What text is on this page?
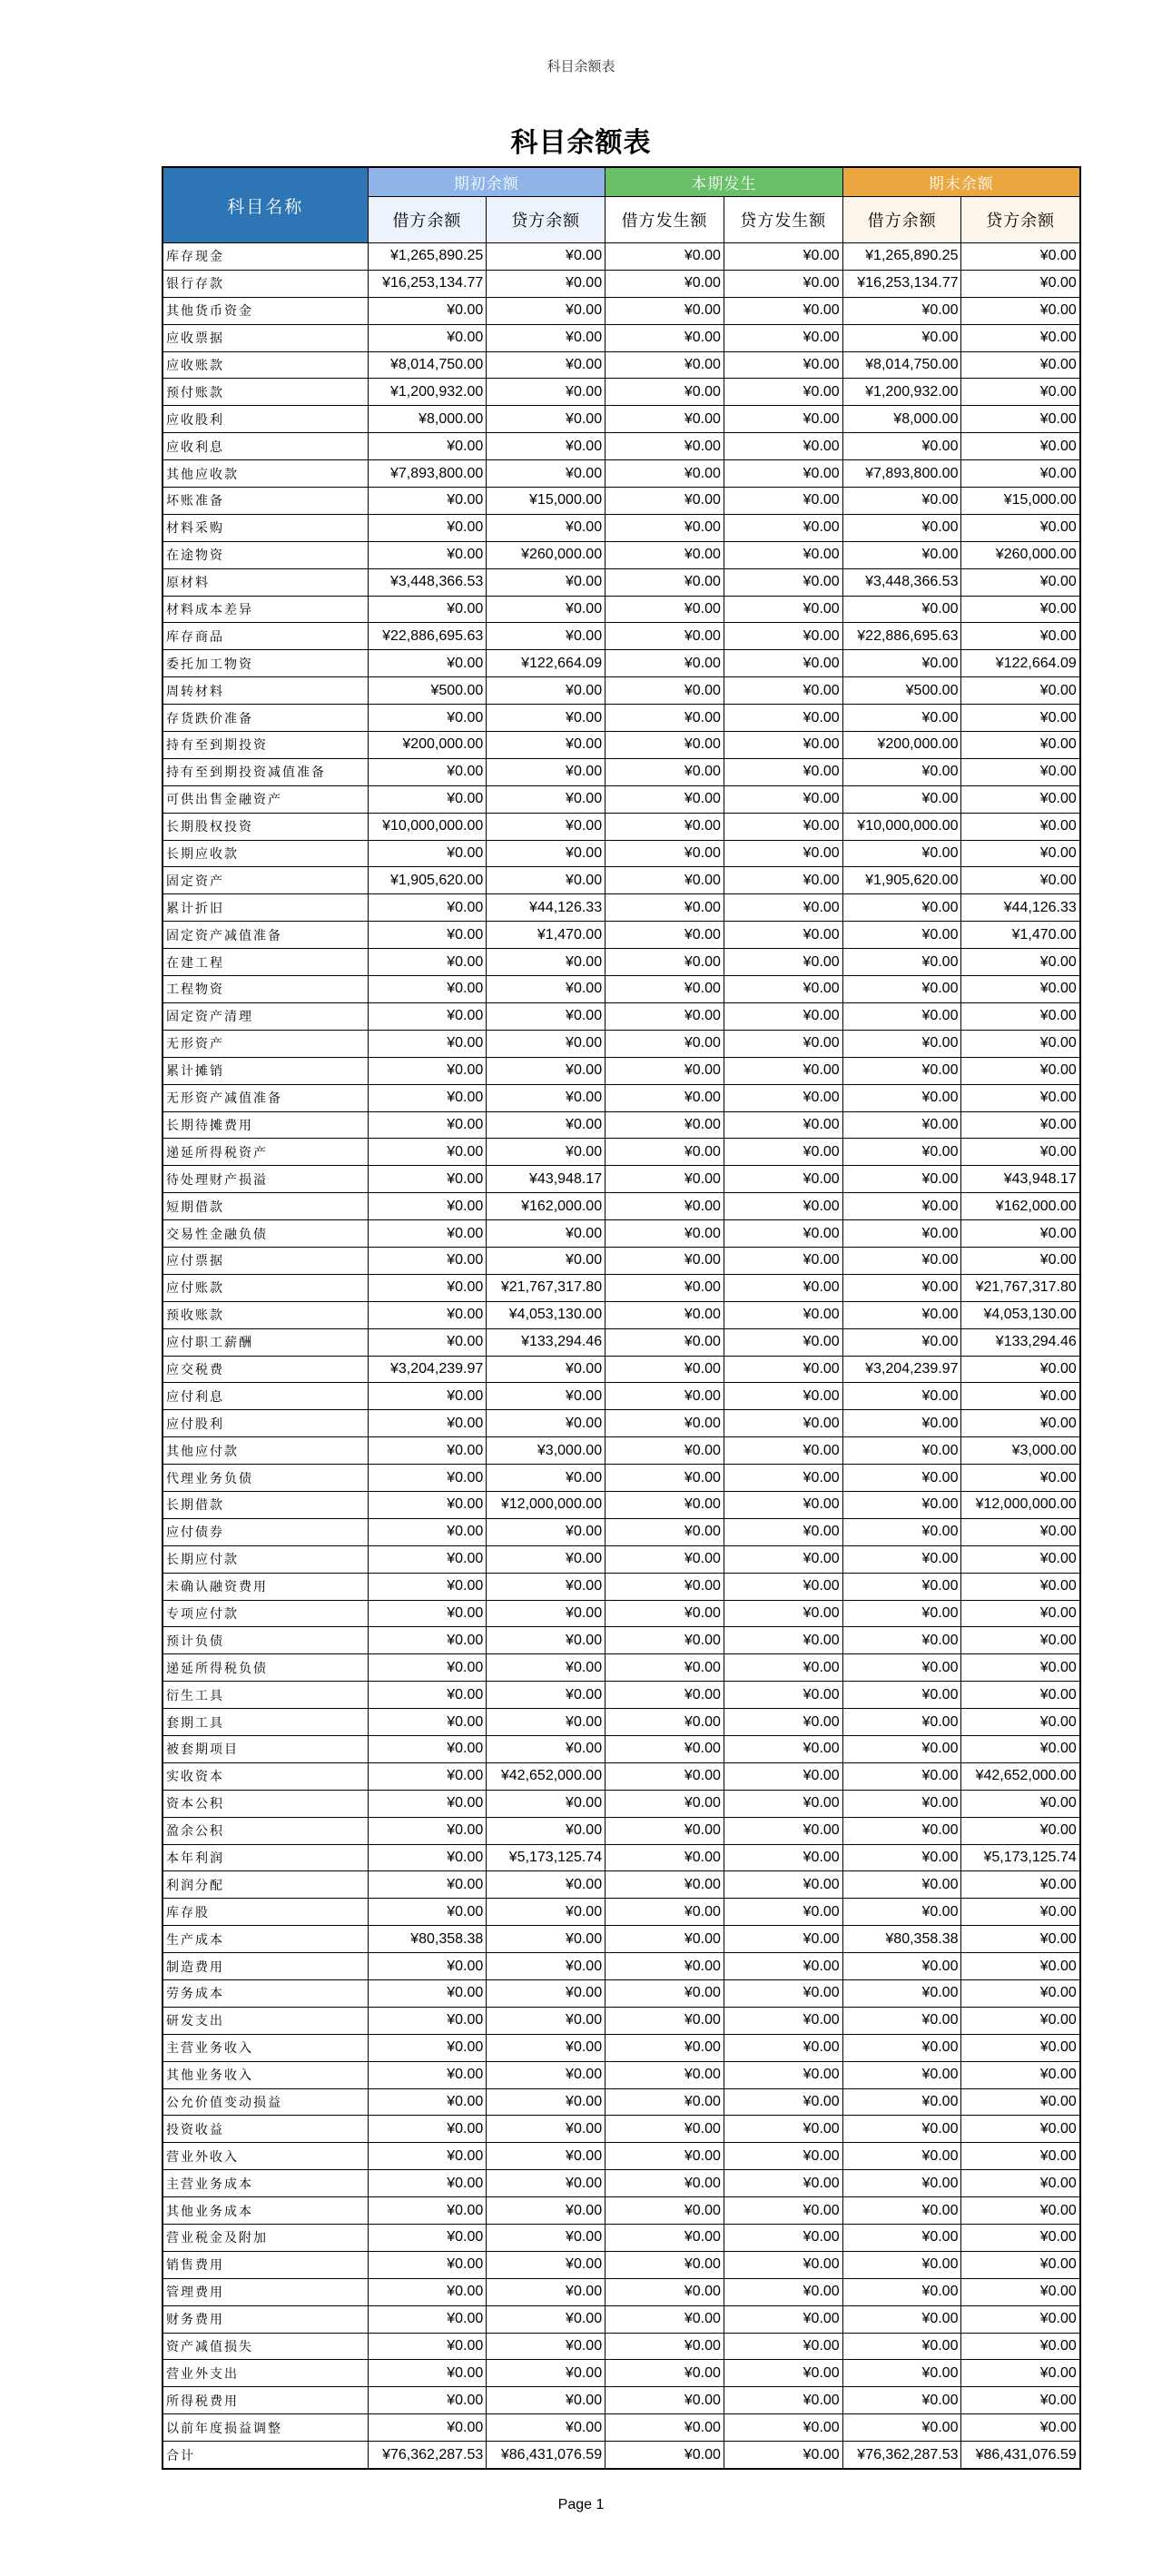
科目余额表
科目余额表
科目名称	期初余额		本期发生		期末余额	
	借方余额	贷方余额	借方发生额	贷方发生额	借方余额	贷方余额
库存现金	¥1,265,890.25	¥0.00	¥0.00	¥0.00	¥1,265,890.25	¥0.00
银行存款	¥16,253,134.77	¥0.00	¥0.00	¥0.00	¥16,253,134.77	¥0.00
其他货币资金	¥0.00	¥0.00	¥0.00	¥0.00	¥0.00	¥0.00
应收票据	¥0.00	¥0.00	¥0.00	¥0.00	¥0.00	¥0.00
应收账款	¥8,014,750.00	¥0.00	¥0.00	¥0.00	¥8,014,750.00	¥0.00
预付账款	¥1,200,932.00	¥0.00	¥0.00	¥0.00	¥1,200,932.00	¥0.00
应收股利	¥8,000.00	¥0.00	¥0.00	¥0.00	¥8,000.00	¥0.00
应收利息	¥0.00	¥0.00	¥0.00	¥0.00	¥0.00	¥0.00
其他应收款	¥7,893,800.00	¥0.00	¥0.00	¥0.00	¥7,893,800.00	¥0.00
坏账准备	¥0.00	¥15,000.00	¥0.00	¥0.00	¥0.00	¥15,000.00
材料采购	¥0.00	¥0.00	¥0.00	¥0.00	¥0.00	¥0.00
在途物资	¥0.00	¥260,000.00	¥0.00	¥0.00	¥0.00	¥260,000.00
原材料	¥3,448,366.53	¥0.00	¥0.00	¥0.00	¥3,448,366.53	¥0.00
材料成本差异	¥0.00	¥0.00	¥0.00	¥0.00	¥0.00	¥0.00
库存商品	¥22,886,695.63	¥0.00	¥0.00	¥0.00	¥22,886,695.63	¥0.00
委托加工物资	¥0.00	¥122,664.09	¥0.00	¥0.00	¥0.00	¥122,664.09
周转材料	¥500.00	¥0.00	¥0.00	¥0.00	¥500.00	¥0.00
存货跌价准备	¥0.00	¥0.00	¥0.00	¥0.00	¥0.00	¥0.00
持有至到期投资	¥200,000.00	¥0.00	¥0.00	¥0.00	¥200,000.00	¥0.00
持有至到期投资减值准备	¥0.00	¥0.00	¥0.00	¥0.00	¥0.00	¥0.00
可供出售金融资产	¥0.00	¥0.00	¥0.00	¥0.00	¥0.00	¥0.00
长期股权投资	¥10,000,000.00	¥0.00	¥0.00	¥0.00	¥10,000,000.00	¥0.00
长期应收款	¥0.00	¥0.00	¥0.00	¥0.00	¥0.00	¥0.00
固定资产	¥1,905,620.00	¥0.00	¥0.00	¥0.00	¥1,905,620.00	¥0.00
累计折旧	¥0.00	¥44,126.33	¥0.00	¥0.00	¥0.00	¥44,126.33
固定资产减值准备	¥0.00	¥1,470.00	¥0.00	¥0.00	¥0.00	¥1,470.00
在建工程	¥0.00	¥0.00	¥0.00	¥0.00	¥0.00	¥0.00
工程物资	¥0.00	¥0.00	¥0.00	¥0.00	¥0.00	¥0.00
固定资产清理	¥0.00	¥0.00	¥0.00	¥0.00	¥0.00	¥0.00
无形资产	¥0.00	¥0.00	¥0.00	¥0.00	¥0.00	¥0.00
累计摊销	¥0.00	¥0.00	¥0.00	¥0.00	¥0.00	¥0.00
无形资产减值准备	¥0.00	¥0.00	¥0.00	¥0.00	¥0.00	¥0.00
长期待摊费用	¥0.00	¥0.00	¥0.00	¥0.00	¥0.00	¥0.00
递延所得税资产	¥0.00	¥0.00	¥0.00	¥0.00	¥0.00	¥0.00
待处理财产损溢	¥0.00	¥43,948.17	¥0.00	¥0.00	¥0.00	¥43,948.17
短期借款	¥0.00	¥162,000.00	¥0.00	¥0.00	¥0.00	¥162,000.00
交易性金融负债	¥0.00	¥0.00	¥0.00	¥0.00	¥0.00	¥0.00
应付票据	¥0.00	¥0.00	¥0.00	¥0.00	¥0.00	¥0.00
应付账款	¥0.00	¥21,767,317.80	¥0.00	¥0.00	¥0.00	¥21,767,317.80
预收账款	¥0.00	¥4,053,130.00	¥0.00	¥0.00	¥0.00	¥4,053,130.00
应付职工薪酬	¥0.00	¥133,294.46	¥0.00	¥0.00	¥0.00	¥133,294.46
应交税费	¥3,204,239.97	¥0.00	¥0.00	¥0.00	¥3,204,239.97	¥0.00
应付利息	¥0.00	¥0.00	¥0.00	¥0.00	¥0.00	¥0.00
应付股利	¥0.00	¥0.00	¥0.00	¥0.00	¥0.00	¥0.00
其他应付款	¥0.00	¥3,000.00	¥0.00	¥0.00	¥0.00	¥3,000.00
代理业务负债	¥0.00	¥0.00	¥0.00	¥0.00	¥0.00	¥0.00
长期借款	¥0.00	¥12,000,000.00	¥0.00	¥0.00	¥0.00	¥12,000,000.00
应付债券	¥0.00	¥0.00	¥0.00	¥0.00	¥0.00	¥0.00
长期应付款	¥0.00	¥0.00	¥0.00	¥0.00	¥0.00	¥0.00
未确认融资费用	¥0.00	¥0.00	¥0.00	¥0.00	¥0.00	¥0.00
专项应付款	¥0.00	¥0.00	¥0.00	¥0.00	¥0.00	¥0.00
预计负债	¥0.00	¥0.00	¥0.00	¥0.00	¥0.00	¥0.00
递延所得税负债	¥0.00	¥0.00	¥0.00	¥0.00	¥0.00	¥0.00
衍生工具	¥0.00	¥0.00	¥0.00	¥0.00	¥0.00	¥0.00
套期工具	¥0.00	¥0.00	¥0.00	¥0.00	¥0.00	¥0.00
被套期项目	¥0.00	¥0.00	¥0.00	¥0.00	¥0.00	¥0.00
实收资本	¥0.00	¥42,652,000.00	¥0.00	¥0.00	¥0.00	¥42,652,000.00
资本公积	¥0.00	¥0.00	¥0.00	¥0.00	¥0.00	¥0.00
盈余公积	¥0.00	¥0.00	¥0.00	¥0.00	¥0.00	¥0.00
本年利润	¥0.00	¥5,173,125.74	¥0.00	¥0.00	¥0.00	¥5,173,125.74
利润分配	¥0.00	¥0.00	¥0.00	¥0.00	¥0.00	¥0.00
库存股	¥0.00	¥0.00	¥0.00	¥0.00	¥0.00	¥0.00
生产成本	¥80,358.38	¥0.00	¥0.00	¥0.00	¥80,358.38	¥0.00
制造费用	¥0.00	¥0.00	¥0.00	¥0.00	¥0.00	¥0.00
劳务成本	¥0.00	¥0.00	¥0.00	¥0.00	¥0.00	¥0.00
研发支出	¥0.00	¥0.00	¥0.00	¥0.00	¥0.00	¥0.00
主营业务收入	¥0.00	¥0.00	¥0.00	¥0.00	¥0.00	¥0.00
其他业务收入	¥0.00	¥0.00	¥0.00	¥0.00	¥0.00	¥0.00
公允价值变动损益	¥0.00	¥0.00	¥0.00	¥0.00	¥0.00	¥0.00
投资收益	¥0.00	¥0.00	¥0.00	¥0.00	¥0.00	¥0.00
营业外收入	¥0.00	¥0.00	¥0.00	¥0.00	¥0.00	¥0.00
主营业务成本	¥0.00	¥0.00	¥0.00	¥0.00	¥0.00	¥0.00
其他业务成本	¥0.00	¥0.00	¥0.00	¥0.00	¥0.00	¥0.00
营业税金及附加	¥0.00	¥0.00	¥0.00	¥0.00	¥0.00	¥0.00
销售费用	¥0.00	¥0.00	¥0.00	¥0.00	¥0.00	¥0.00
管理费用	¥0.00	¥0.00	¥0.00	¥0.00	¥0.00	¥0.00
财务费用	¥0.00	¥0.00	¥0.00	¥0.00	¥0.00	¥0.00
资产减值损失	¥0.00	¥0.00	¥0.00	¥0.00	¥0.00	¥0.00
营业外支出	¥0.00	¥0.00	¥0.00	¥0.00	¥0.00	¥0.00
所得税费用	¥0.00	¥0.00	¥0.00	¥0.00	¥0.00	¥0.00
以前年度损益调整	¥0.00	¥0.00	¥0.00	¥0.00	¥0.00	¥0.00
合计	¥76,362,287.53	¥86,431,076.59	¥0.00	¥0.00	¥76,362,287.53	¥86,431,076.59
Page 1
